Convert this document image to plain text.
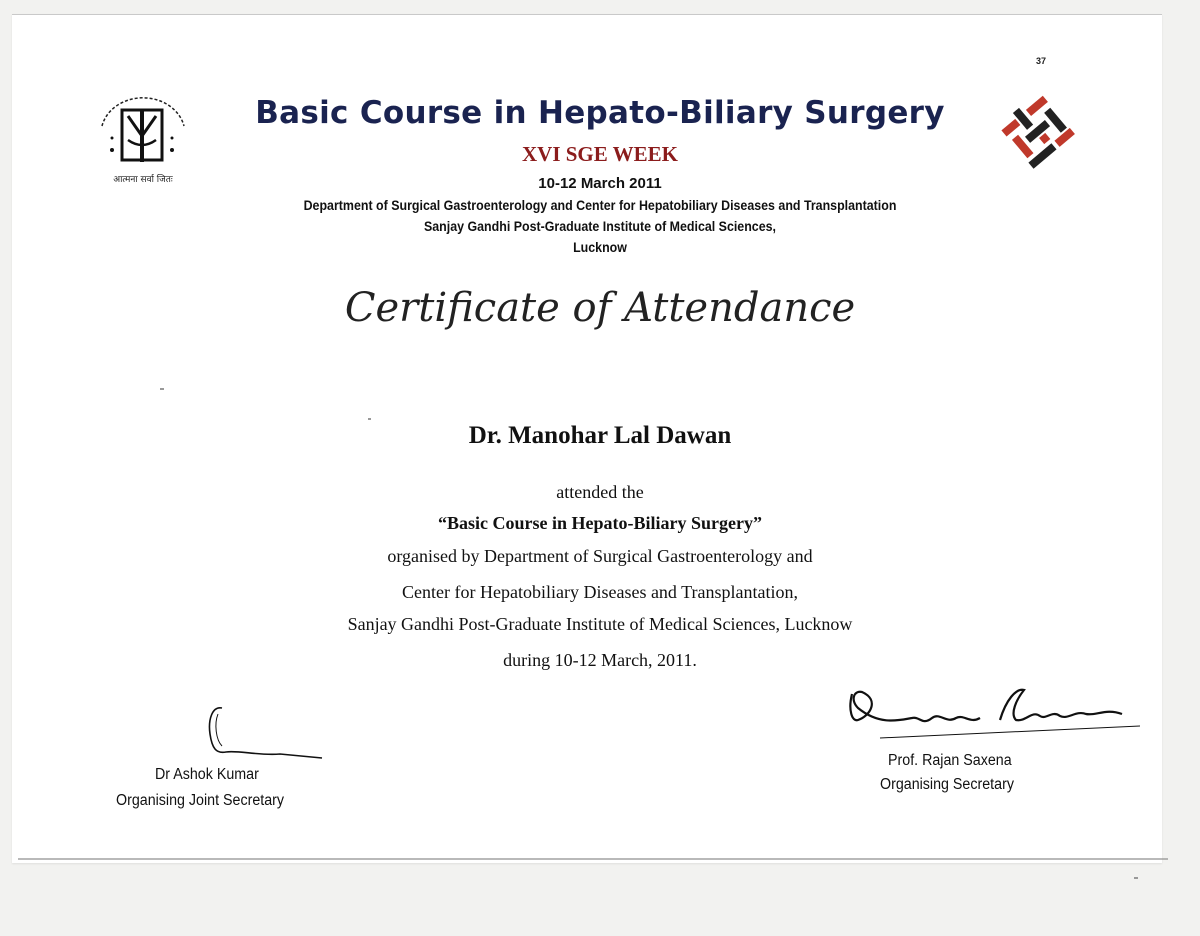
37
आत्मना सर्वा जितः
Basic Course in Hepato-Biliary Surgery
XVI SGE WEEK
10-12 March 2011
Department of Surgical Gastroenterology and Center for Hepatobiliary Diseases and Transplantation
Sanjay Gandhi Post-Graduate Institute of Medical Sciences,
Lucknow
Certificate of Attendance
Dr. Manohar Lal Dawan
attended the
“Basic Course in Hepato-Biliary Surgery”
organised by Department of Surgical Gastroenterology and
Center for Hepatobiliary Diseases and Transplantation,
Sanjay Gandhi Post-Graduate Institute of Medical Sciences, Lucknow
during 10-12 March, 2011.
Dr Ashok Kumar
Organising Joint Secretary
Prof. Rajan Saxena
Organising Secretary
